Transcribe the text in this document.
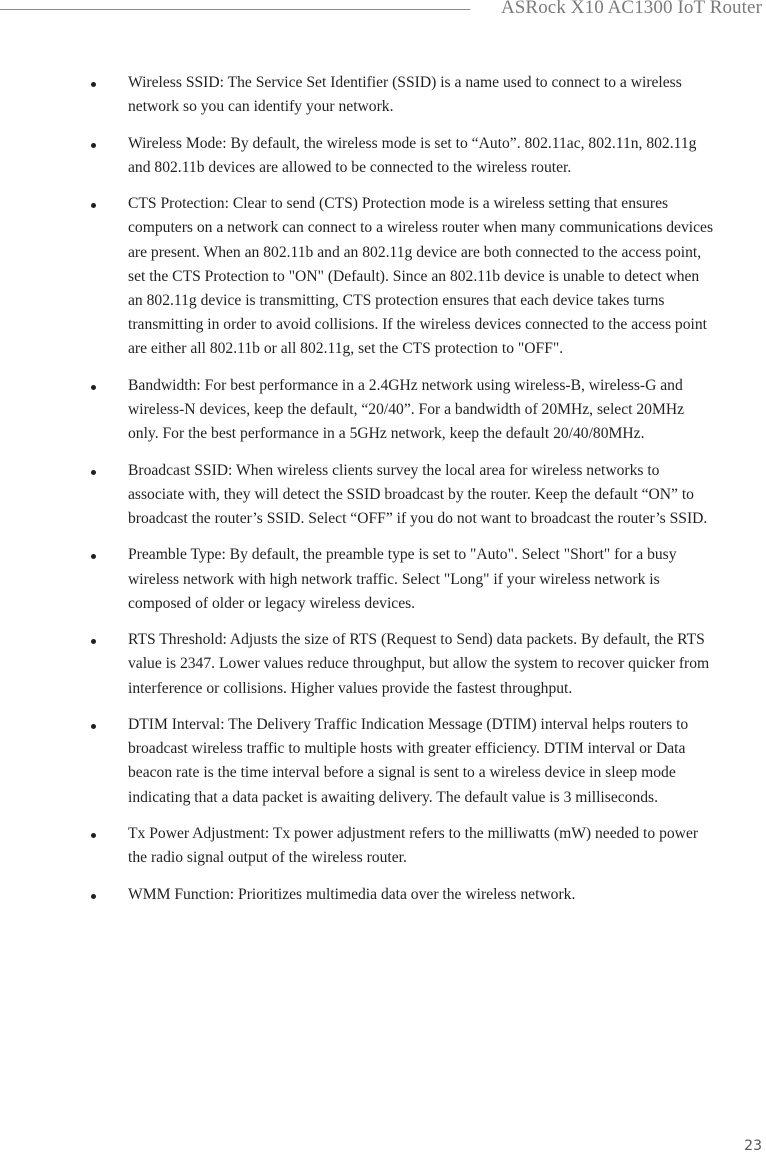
ASRock X10 AC1300 IoT Router
Wireless SSID: The Service Set Identifier (SSID) is a name used to connect to a wireless network so you can identify your network.
Wireless Mode: By default, the wireless mode is set to “Auto”. 802.11ac, 802.11n, 802.11g and 802.11b devices are allowed to be connected to the wireless router.
CTS Protection: Clear to send (CTS) Protection mode is a wireless setting that ensures computers on a network can connect to a wireless router when many communications devices are present. When an 802.11b and an 802.11g device are both connected to the access point, set the CTS Protection to "ON" (Default). Since an 802.11b device is unable to detect when an 802.11g device is transmitting, CTS protection ensures that each device takes turns transmitting in order to avoid collisions. If the wireless devices connected to the access point are either all 802.11b or all 802.11g, set the CTS protection to "OFF".
Bandwidth: For best performance in a 2.4GHz network using wireless-B, wireless-G and wireless-N devices, keep the default, “20/40”. For a bandwidth of 20MHz, select 20MHz only. For the best performance in a 5GHz network, keep the default 20/40/80MHz.
Broadcast SSID: When wireless clients survey the local area for wireless networks to associate with, they will detect the SSID broadcast by the router. Keep the default “ON” to broadcast the router’s SSID. Select “OFF” if you do not want to broadcast the router’s SSID.
Preamble Type: By default, the preamble type is set to "Auto". Select "Short" for a busy wireless network with high network traffic. Select "Long" if your wireless network is composed of older or legacy wireless devices.
RTS Threshold: Adjusts the size of RTS (Request to Send) data packets. By default, the RTS value is 2347. Lower values reduce throughput, but allow the system to recover quicker from interference or collisions. Higher values provide the fastest throughput.
DTIM Interval: The Delivery Traffic Indication Message (DTIM) interval helps routers to broadcast wireless traffic to multiple hosts with greater efficiency. DTIM interval or Data beacon rate is the time interval before a signal is sent to a wireless device in sleep mode indicating that a data packet is awaiting delivery. The default value is 3 milliseconds.
Tx Power Adjustment: Tx power adjustment refers to the milliwatts (mW) needed to power the radio signal output of the wireless router.
WMM Function: Prioritizes multimedia data over the wireless network.
23
